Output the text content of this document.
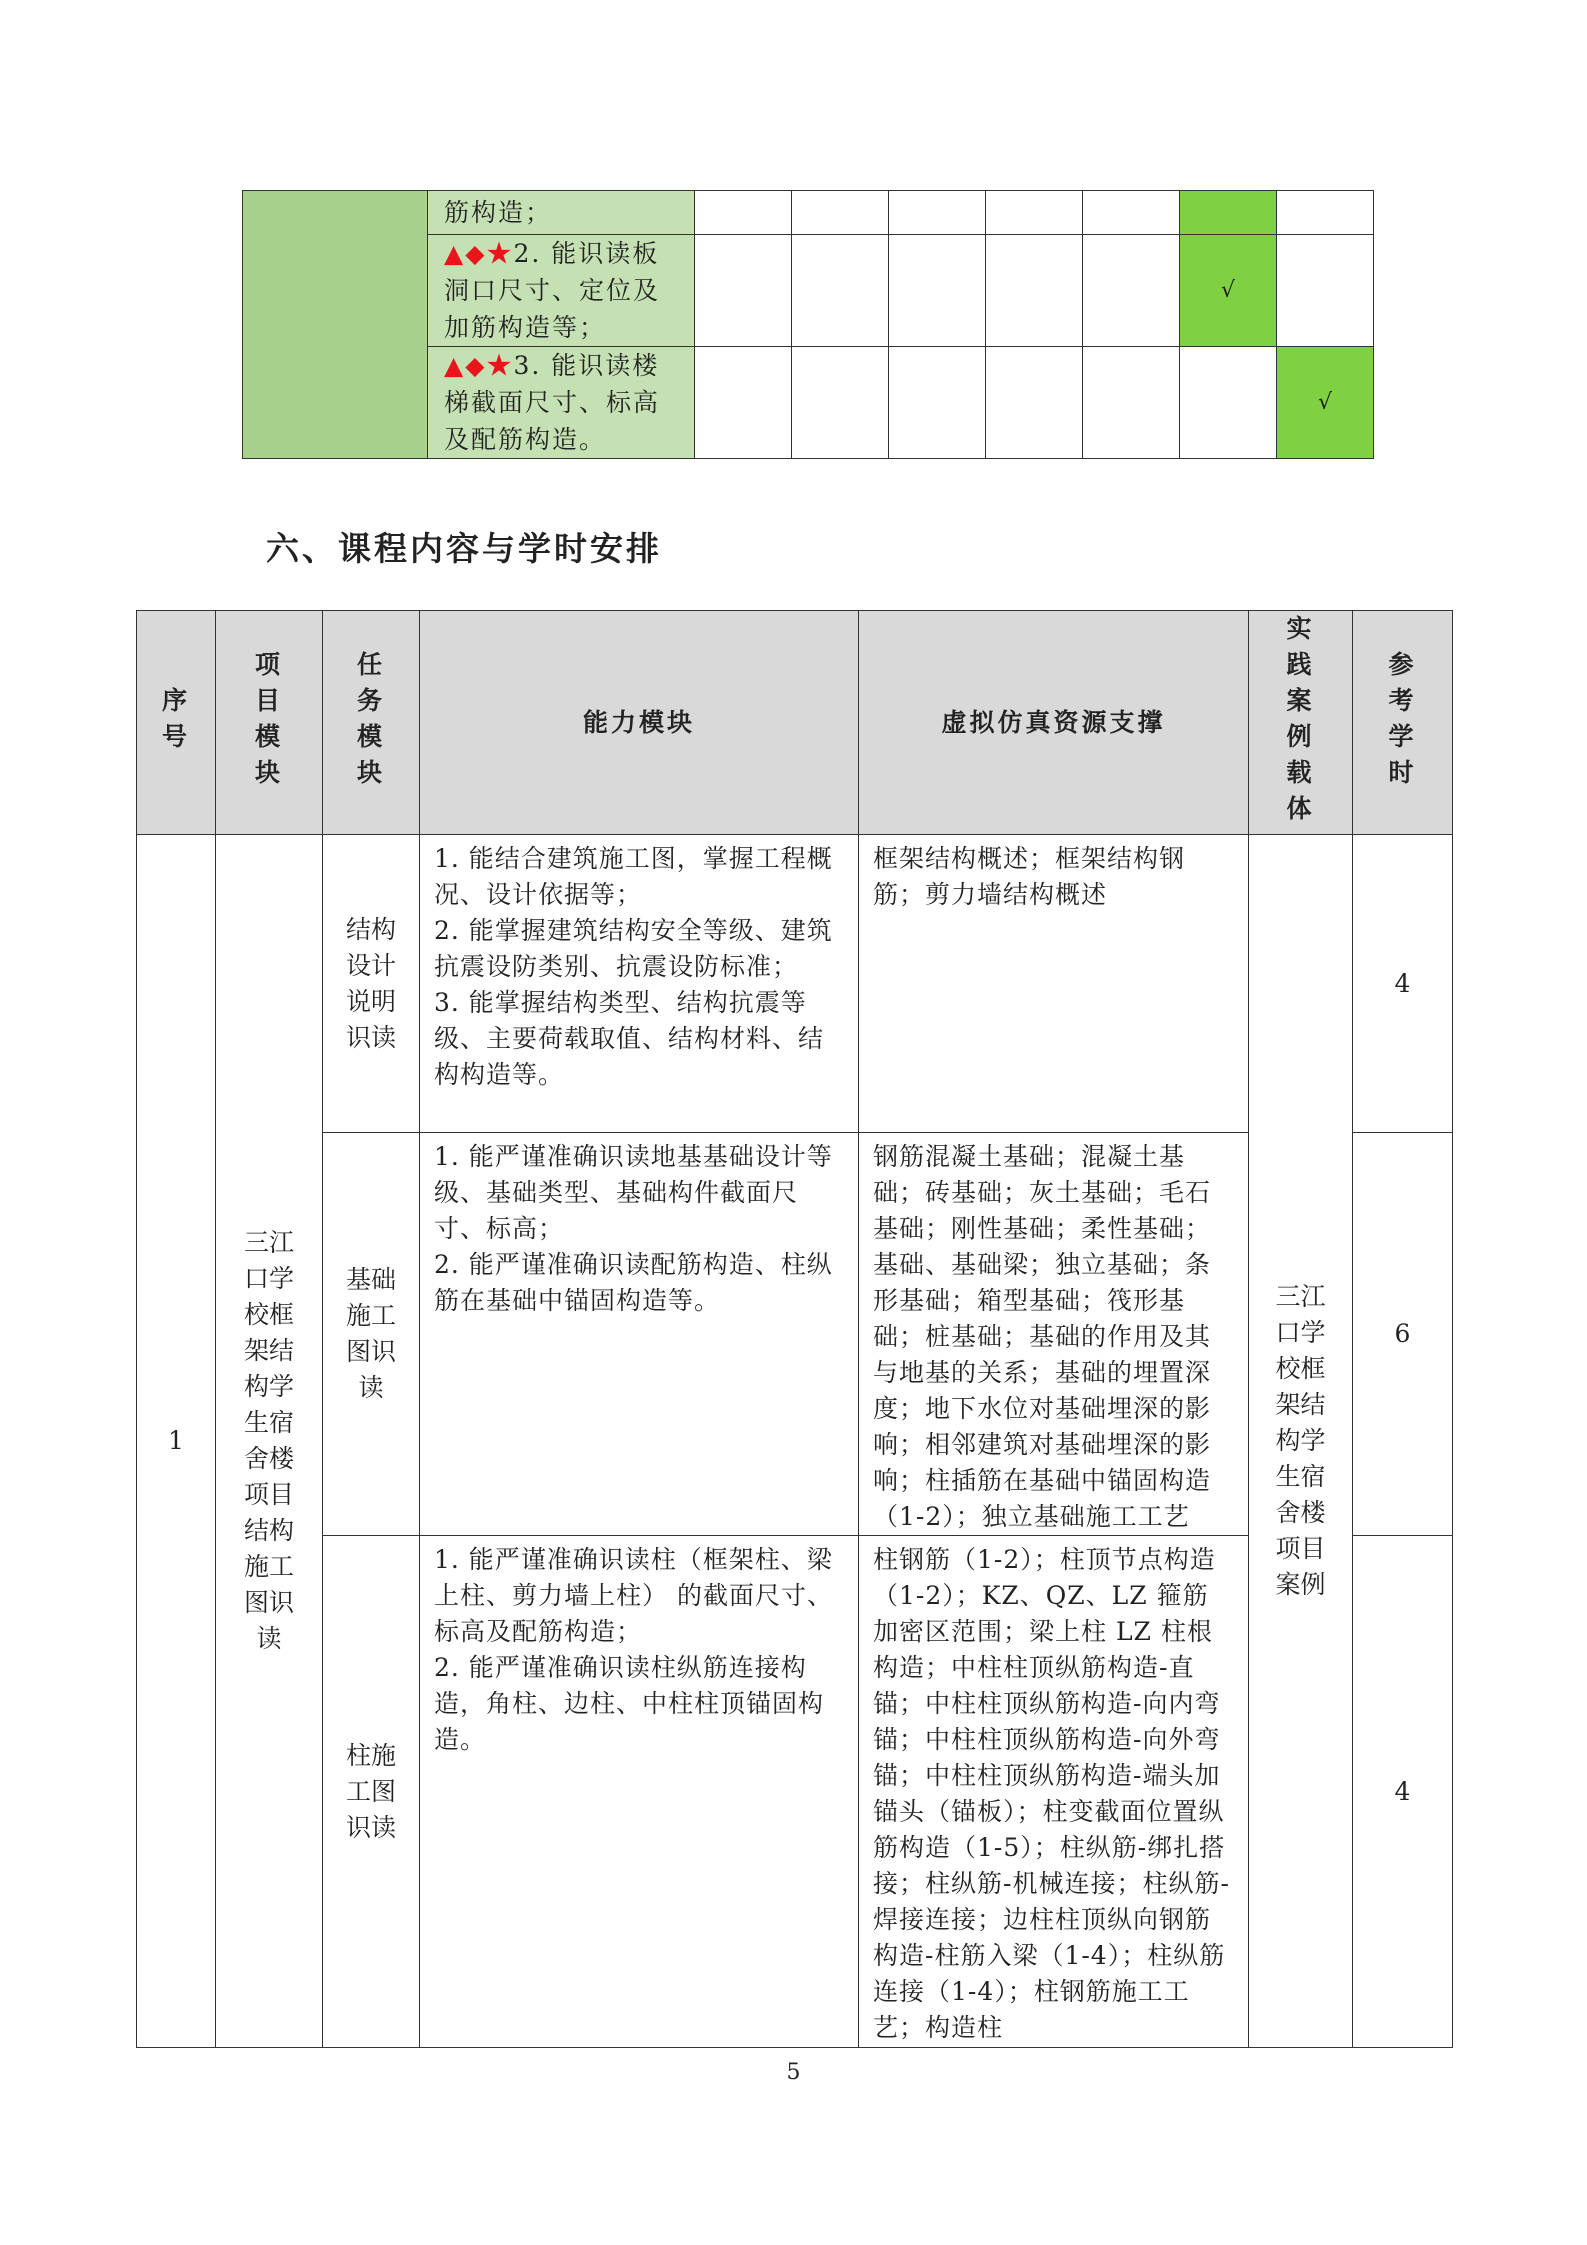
	筋构造；							
	▲◆★2. 能识读板洞口尺寸、定位及加筋构造等；						√	
	▲◆★3. 能识读楼梯截面尺寸、标高及配筋构造。							√
六、课程内容与学时安排
序号	项目模块	任务模块	能力模块	虚拟仿真资源支撑	实践案例载体	参考学时
1	三江口学校框架结构学生宿舍楼项目结构施工图识读	结构设计说明识读	1. 能结合建筑施工图，掌握工程概况、设计依据等；
2. 能掌握建筑结构安全等级、建筑抗震设防类别、抗震设防标准；
3. 能掌握结构类型、结构抗震等级、主要荷载取值、结构材料、结构构造等。	框架结构概述；框架结构钢筋；剪力墙结构概述	三江口学校框架结构学生宿舍楼项目案例	4
		基础施工图识读	1. 能严谨准确识读地基基础设计等级、基础类型、基础构件截面尺寸、标高；
2. 能严谨准确识读配筋构造、柱纵筋在基础中锚固构造等。	钢筋混凝土基础；混凝土基础；砖基础；灰土基础；毛石基础；刚性基础；柔性基础；基础、基础梁；独立基础；条形基础；箱型基础；筏形基础；桩基础；基础的作用及其与地基的关系；基础的埋置深度；地下水位对基础埋深的影响；相邻建筑对基础埋深的影响；柱插筋在基础中锚固构造（1-2）；独立基础施工工艺		6
		柱施工图识读	1. 能严谨准确识读柱（框架柱、梁上柱、剪力墙上柱） 的截面尺寸、标高及配筋构造；
2. 能严谨准确识读柱纵筋连接构造，角柱、边柱、中柱柱顶锚固构造。	柱钢筋（1-2）；柱顶节点构造（1-2）；KZ、QZ、LZ 箍筋加密区范围；梁上柱 LZ 柱根构造；中柱柱顶纵筋构造-直锚；中柱柱顶纵筋构造-向内弯锚；中柱柱顶纵筋构造-向外弯锚；中柱柱顶纵筋构造-端头加锚头（锚板）；柱变截面位置纵筋构造（1-5）；柱纵筋-绑扎搭接；柱纵筋-机械连接；柱纵筋-焊接连接；边柱柱顶纵向钢筋构造-柱筋入梁（1-4）；柱纵筋连接（1-4）；柱钢筋施工工艺；构造柱		4

5
